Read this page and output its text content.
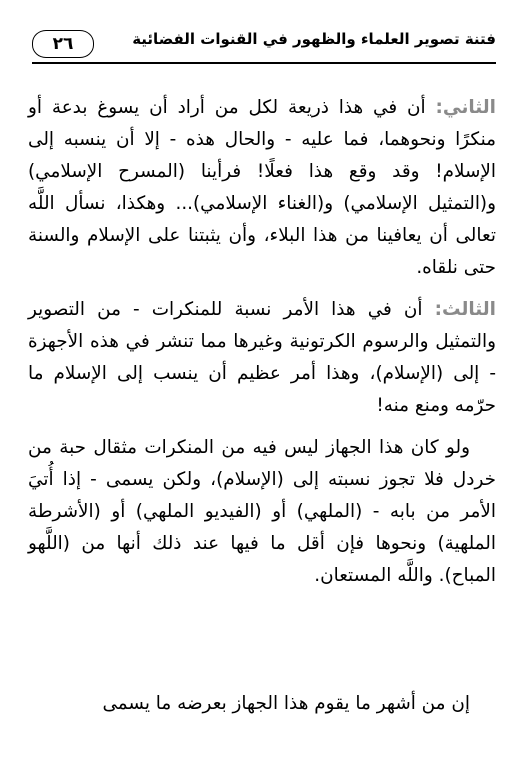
فتنة تصوير العلماء والظهور في القنوات الفضائية
٢٦

الثاني: أن في هذا ذريعة لكل من أراد أن يسوغ بدعة أو منكرًا ونحوهما، فما عليه - والحال هذه - إلا أن ينسبه إلى الإسلام! وقد وقع هذا فعلًا! فرأينا (المسرح الإسلامي) و(التمثيل الإسلامي) و(الغناء الإسلامي)... وهكذا، نسأل اللَّه تعالى أن يعافينا من هذا البلاء، وأن يثبتنا على الإسلام والسنة حتى نلقاه.

الثالث: أن في هذا الأمر نسبة للمنكرات - من التصوير والتمثيل والرسوم الكرتونية وغيرها مما تنشر في هذه الأجهزة - إلى (الإسلام)، وهذا أمر عظيم أن ينسب إلى الإسلام ما حرّمه ومنع منه!

ولو كان هذا الجهاز ليس فيه من المنكرات مثقال حبة من خردل فلا تجوز نسبته إلى (الإسلام)، ولكن يسمى - إذا أُتيَ الأمر من بابه - (الملهي) أو (الفيديو الملهي) أو (الأشرطة الملهية) ونحوها فإن أقل ما فيها عند ذلك أنها من (اللَّهو المباح). واللَّه المستعان.

إن من أشهر ما يقوم هذا الجهاز بعرضه ما يسمى
